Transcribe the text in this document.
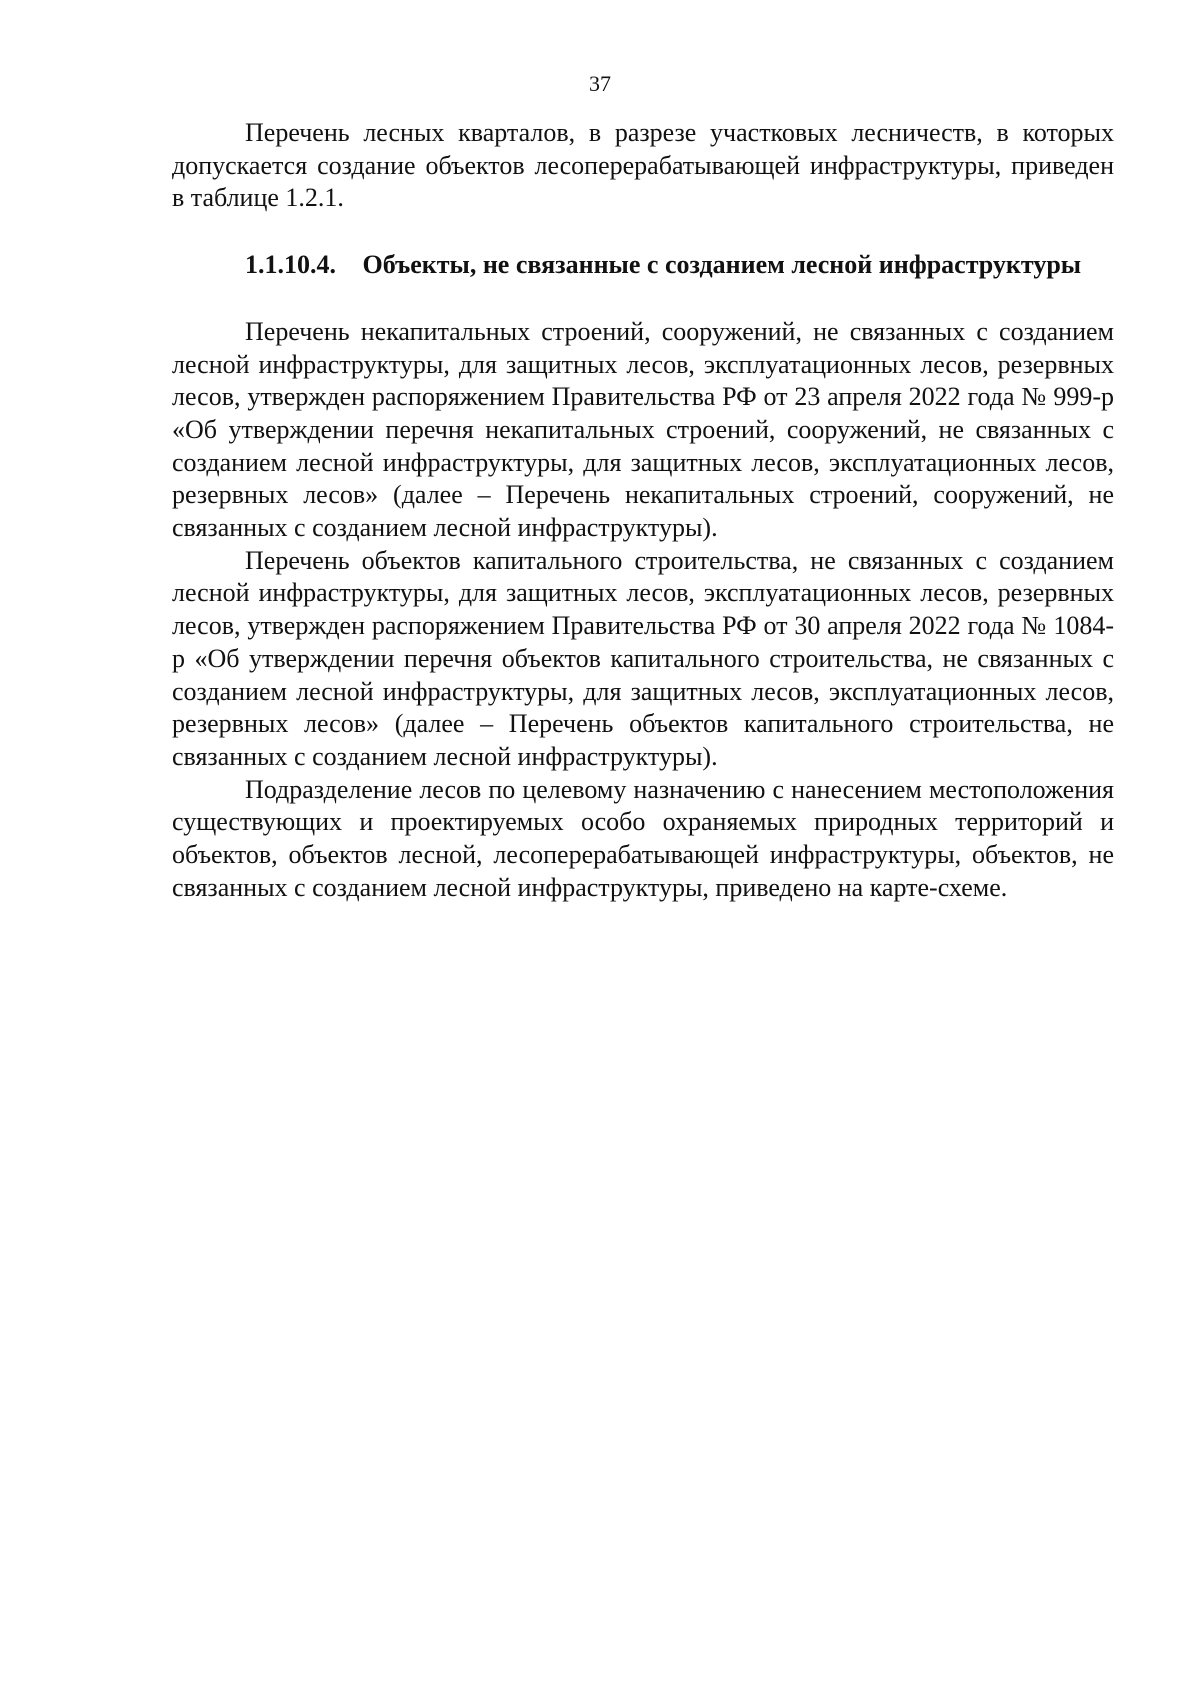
37

Перечень лесных кварталов, в разрезе участковых лесничеств, в которых допускается создание объектов лесоперерабатывающей инфраструктуры, приведен в таблице 1.2.1.

1.1.10.4. Объекты, не связанные с созданием лесной инфраструктуры

Перечень некапитальных строений, сооружений, не связанных с созданием лесной инфраструктуры, для защитных лесов, эксплуатационных лесов, резервных лесов, утвержден распоряжением Правительства РФ от 23 апреля 2022 года № 999-р «Об утверждении перечня некапитальных строений, сооружений, не связанных с созданием лесной инфраструктуры, для защитных лесов, эксплуатационных лесов, резервных лесов» (далее – Перечень некапитальных строений, сооружений, не связанных с созданием лесной инфраструктуры).

Перечень объектов капитального строительства, не связанных с созданием лесной инфраструктуры, для защитных лесов, эксплуатационных лесов, резервных лесов, утвержден распоряжением Правительства РФ от 30 апреля 2022 года № 1084-р «Об утверждении перечня объектов капитального строительства, не связанных с созданием лесной инфраструктуры, для защитных лесов, эксплуатационных лесов, резервных лесов» (далее – Перечень объектов капитального строительства, не связанных с созданием лесной инфраструктуры).

Подразделение лесов по целевому назначению с нанесением местоположения существующих и проектируемых особо охраняемых природных территорий и объектов, объектов лесной, лесоперерабатывающей инфраструктуры, объектов, не связанных с созданием лесной инфраструктуры, приведено на карте-схеме.
